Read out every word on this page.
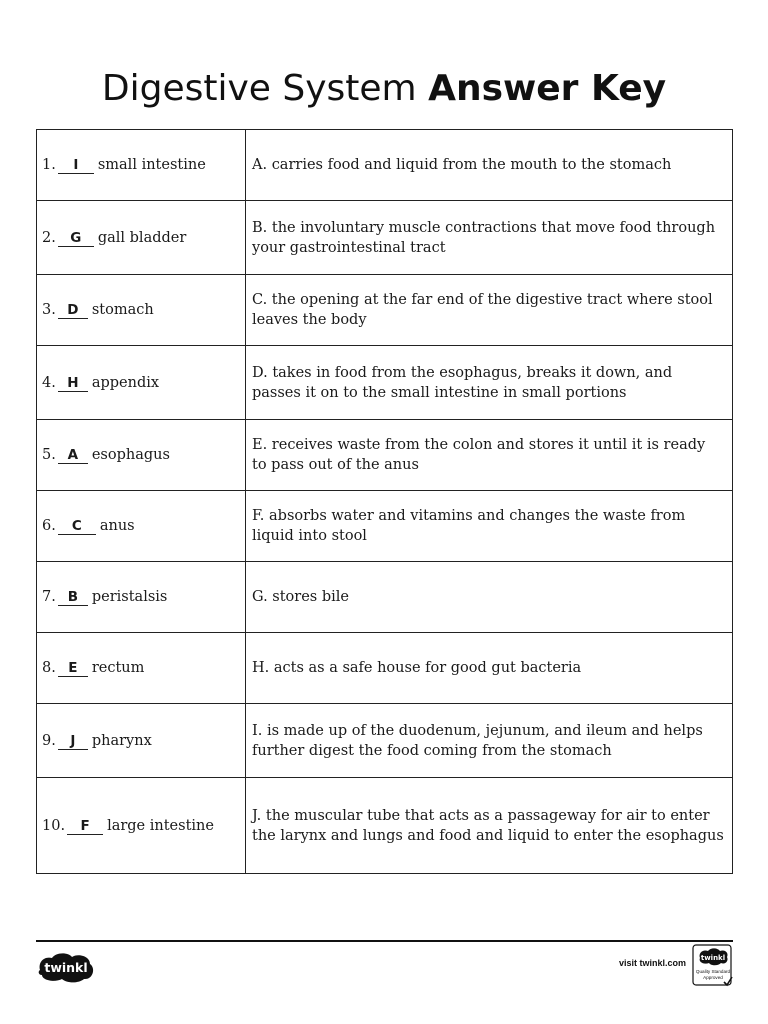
Digestive System Answer Key
1. I small intestine	A. carries food and liquid from the mouth to the stomach
2. G gall bladder	B. the involuntary muscle contractions that move food through your gastrointestinal tract
3. D stomach	C. the opening at the far end of the digestive tract where stool leaves the body
4. H appendix	D. takes in food from the esophagus, breaks it down, and passes it on to the small intestine in small portions
5. A esophagus	E. receives waste from the colon and stores it until it is ready to pass out of the anus
6. C anus	F. absorbs water and vitamins and changes the waste from liquid into stool
7. B peristalsis	G. stores bile
8. E rectum	H. acts as a safe house for good gut bacteria
9. J pharynx	I. is made up of the duodenum, jejunum, and ileum and helps further digest the food coming from the stomach
10. F large intestine	J. the muscular tube that acts as a passageway for air to enter the larynx and lungs and food and liquid to enter the esophagus
twinkl	visit twinkl.com twinkl
Quality Standard
Approved
